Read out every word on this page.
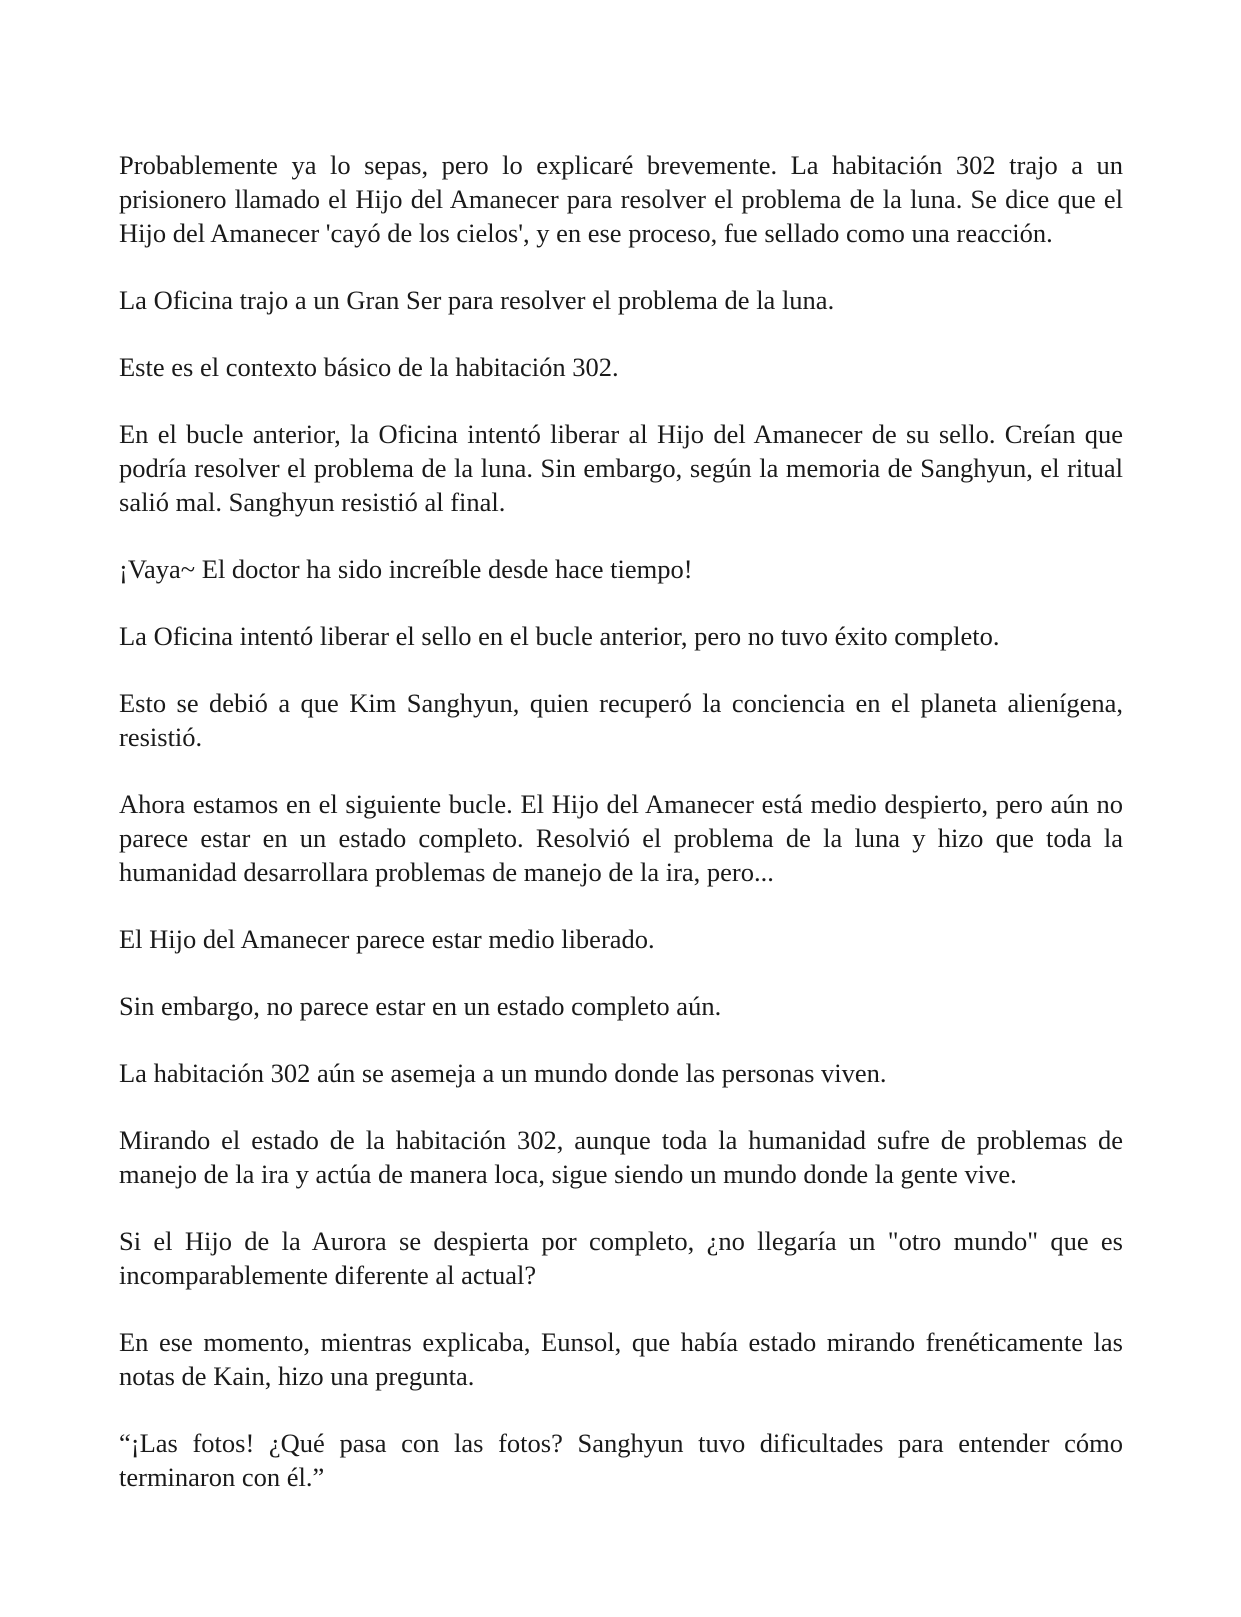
Probablemente ya lo sepas, pero lo explicaré brevemente. La habitación 302 trajo a un prisionero llamado el Hijo del Amanecer para resolver el problema de la luna. Se dice que el Hijo del Amanecer 'cayó de los cielos', y en ese proceso, fue sellado como una reacción.

La Oficina trajo a un Gran Ser para resolver el problema de la luna.

Este es el contexto básico de la habitación 302.

En el bucle anterior, la Oficina intentó liberar al Hijo del Amanecer de su sello. Creían que podría resolver el problema de la luna. Sin embargo, según la memoria de Sanghyun, el ritual salió mal. Sanghyun resistió al final.

¡Vaya~ El doctor ha sido increíble desde hace tiempo!

La Oficina intentó liberar el sello en el bucle anterior, pero no tuvo éxito completo.

Esto se debió a que Kim Sanghyun, quien recuperó la conciencia en el planeta alienígena, resistió.

Ahora estamos en el siguiente bucle. El Hijo del Amanecer está medio despierto, pero aún no parece estar en un estado completo. Resolvió el problema de la luna y hizo que toda la humanidad desarrollara problemas de manejo de la ira, pero...

El Hijo del Amanecer parece estar medio liberado.

Sin embargo, no parece estar en un estado completo aún.

La habitación 302 aún se asemeja a un mundo donde las personas viven.

Mirando el estado de la habitación 302, aunque toda la humanidad sufre de problemas de manejo de la ira y actúa de manera loca, sigue siendo un mundo donde la gente vive.

Si el Hijo de la Aurora se despierta por completo, ¿no llegaría un "otro mundo" que es incomparablemente diferente al actual?

En ese momento, mientras explicaba, Eunsol, que había estado mirando frenéticamente las notas de Kain, hizo una pregunta.

“¡Las fotos! ¿Qué pasa con las fotos? Sanghyun tuvo dificultades para entender cómo terminaron con él.”
